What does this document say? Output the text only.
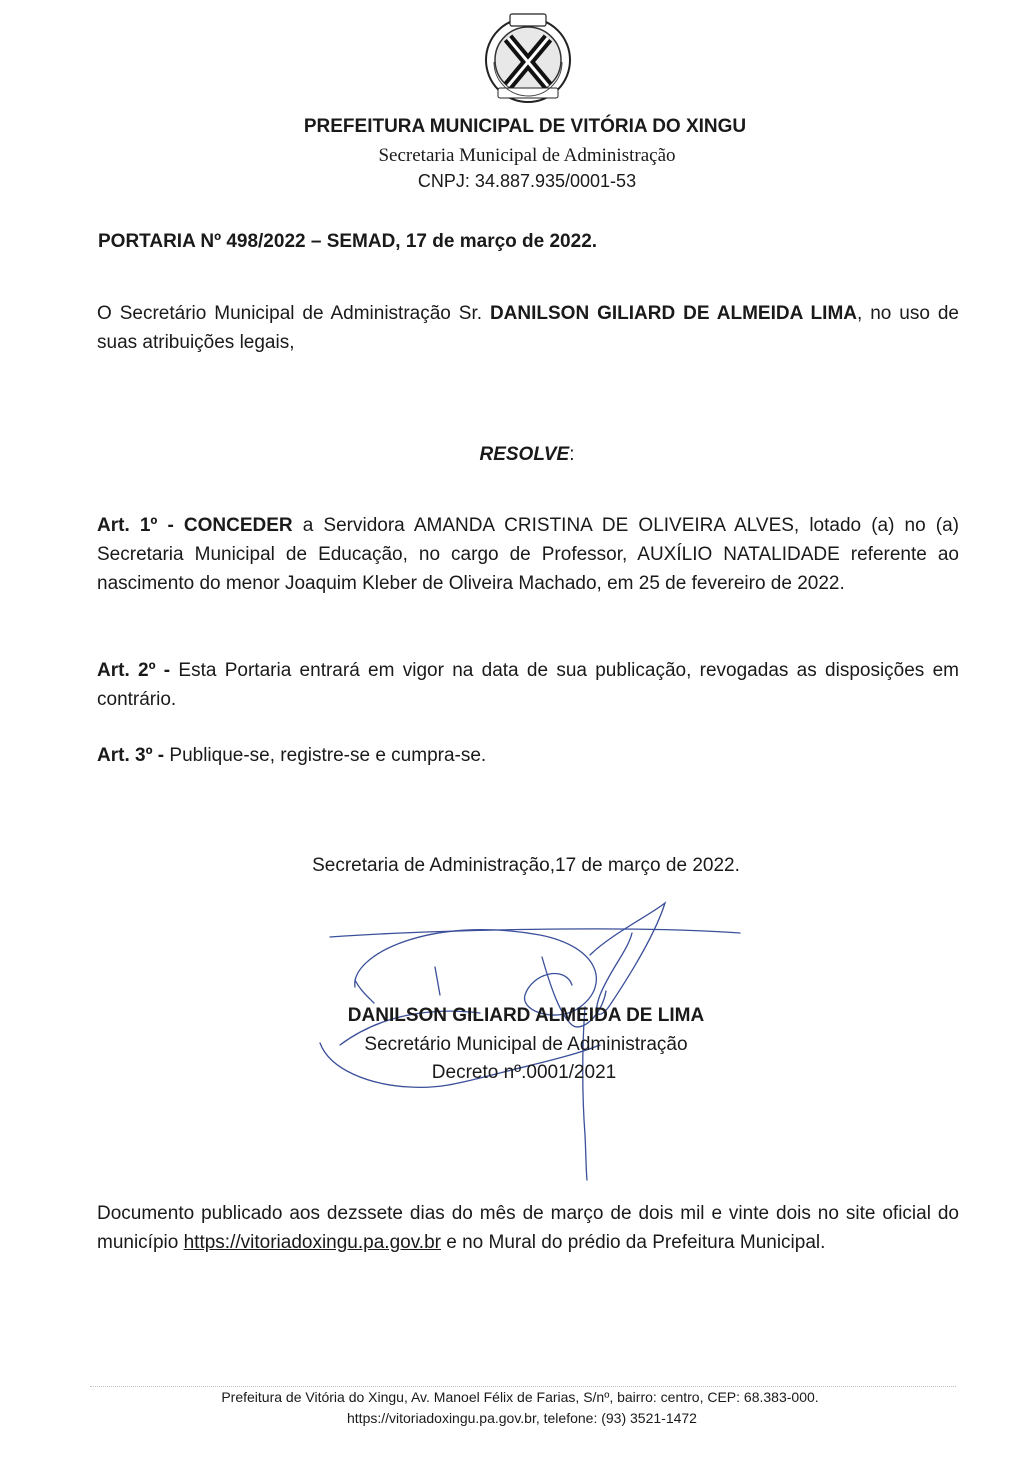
PREFEITURA MUNICIPAL DE VITÓRIA DO XINGU
Secretaria Municipal de Administração
CNPJ: 34.887.935/0001-53
PORTARIA Nº 498/2022 – SEMAD, 17 de março de 2022.
O Secretário Municipal de Administração Sr. DANILSON GILIARD DE ALMEIDA LIMA, no uso de suas atribuições legais,
RESOLVE:
Art. 1º - CONCEDER a Servidora AMANDA CRISTINA DE OLIVEIRA ALVES, lotado (a) no (a) Secretaria Municipal de Educação, no cargo de Professor, AUXÍLIO NATALIDADE referente ao nascimento do menor Joaquim Kleber de Oliveira Machado, em 25 de fevereiro de 2022.
Art. 2º - Esta Portaria entrará em vigor na data de sua publicação, revogadas as disposições em contrário.
Art. 3º - Publique-se, registre-se e cumpra-se.
Secretaria de Administração,17 de março de 2022.
DANILSON GILIARD ALMEIDA DE LIMA
Secretário Municipal de Administração
Decreto nº.0001/2021
Documento publicado aos dezssete dias do mês de março de dois mil e vinte dois no site oficial do município https://vitoriadoxingu.pa.gov.br e no Mural do prédio da Prefeitura Municipal.
Prefeitura de Vitória do Xingu, Av. Manoel Félix de Farias, S/nº, bairro: centro, CEP: 68.383-000.
https://vitoriadoxingu.pa.gov.br, telefone: (93) 3521-1472
